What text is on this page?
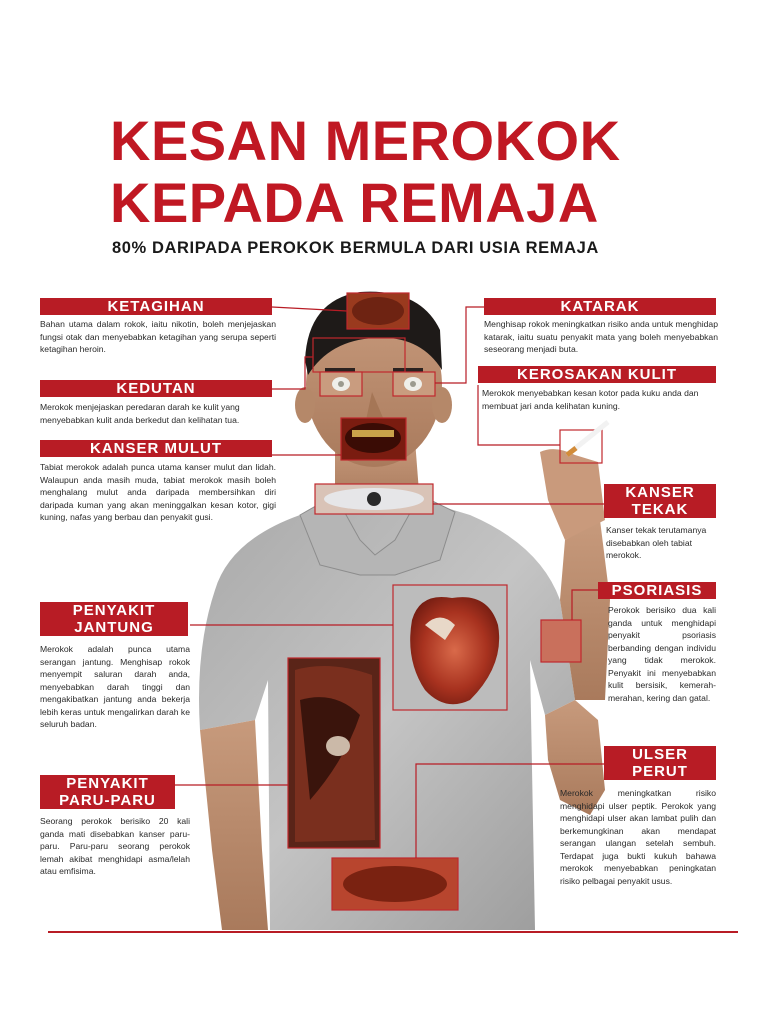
KESAN MEROKOK
KEPADA REMAJA
80% DARIPADA PEROKOK BERMULA DARI USIA REMAJA
KETAGIHAN
Bahan utama dalam rokok, iaitu nikotin, boleh menjejaskan fungsi otak dan menyebabkan ketagihan yang serupa seperti ketagihan heroin.
KEDUTAN
Merokok menjejaskan peredaran darah ke kulit yang menyebabkan kulit anda berkedut dan kelihatan tua.
KANSER MULUT
Tabiat merokok adalah punca utama kanser mulut dan lidah. Walaupun anda masih muda, tabiat merokok masih boleh menghalang mulut anda daripada membersihkan diri daripada kuman yang akan meninggalkan kesan kotor, gigi kuning, nafas yang berbau dan penyakit gusi.
PENYAKIT
JANTUNG
Merokok adalah punca utama serangan jantung. Menghisap rokok menyempit saluran darah anda, menyebabkan darah tinggi dan mengakibatkan jantung anda bekerja lebih keras untuk mengalirkan darah ke seluruh badan.
PENYAKIT
PARU-PARU
Seorang perokok berisiko 20 kali ganda mati disebabkan kanser paru-paru. Paru-paru seorang perokok lemah akibat menghidapi asma/lelah atau emfisima.
KATARAK
Menghisap rokok meningkatkan risiko anda untuk menghidap katarak, iaitu suatu penyakit mata yang boleh menyebabkan seseorang menjadi buta.
KEROSAKAN KULIT
Merokok menyebabkan kesan kotor pada kuku anda dan membuat jari anda kelihatan kuning.
KANSER
TEKAK
Kanser tekak terutamanya disebabkan oleh tabiat merokok.
PSORIASIS
Perokok berisiko dua kali ganda untuk menghidapi penyakit psoriasis berbanding dengan individu yang tidak merokok. Penyakit ini menyebabkan kulit bersisik, kemerah-merahan, kering dan gatal.
ULSER
PERUT
Merokok meningkatkan risiko menghidapi ulser peptik. Perokok yang menghidapi ulser akan lambat pulih dan berkemungkinan akan mendapat serangan ulangan setelah sembuh. Terdapat juga bukti kukuh bahawa merokok menyebabkan peningkatan risiko pelbagai penyakit usus.
